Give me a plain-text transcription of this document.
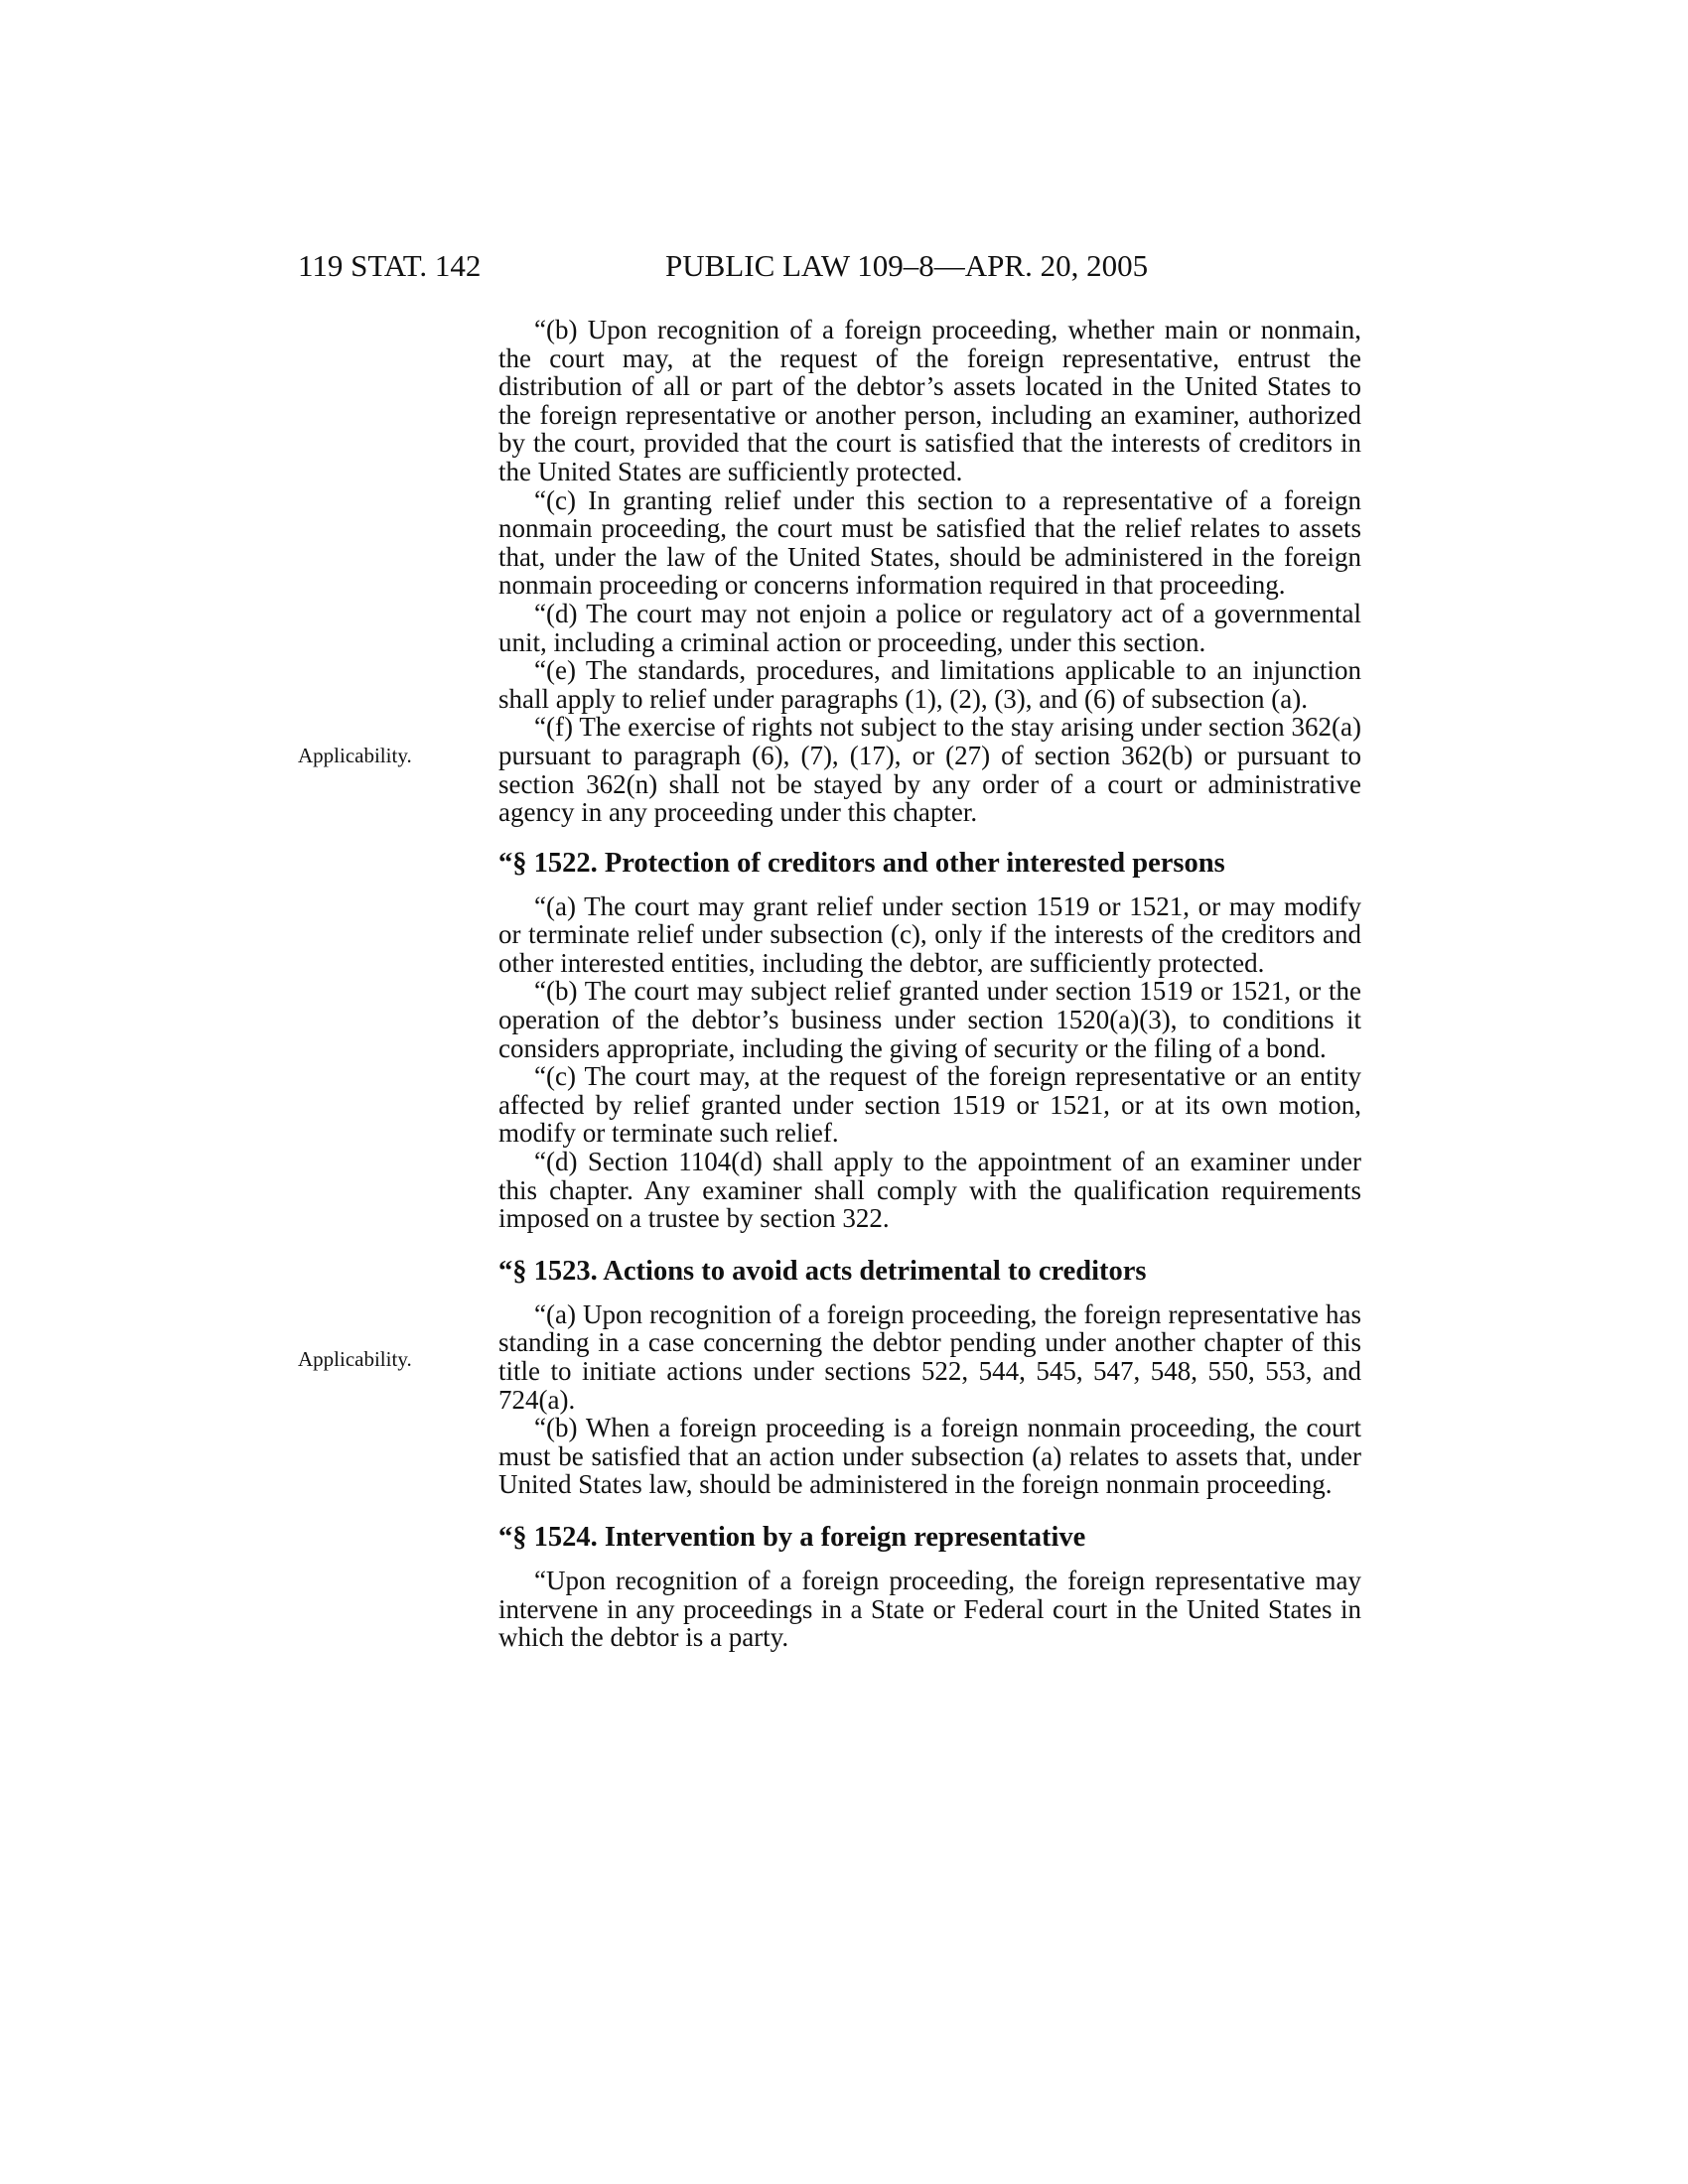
119 STAT. 142	PUBLIC LAW 109–8—APR. 20, 2005
Applicability.
Applicability.

“(b) Upon recognition of a foreign proceeding, whether main or nonmain, the court may, at the request of the foreign representative, entrust the distribution of all or part of the debtor’s assets located in the United States to the foreign representative or another person, including an examiner, authorized by the court, provided that the court is satisfied that the interests of creditors in the United States are sufficiently protected.

“(c) In granting relief under this section to a representative of a foreign nonmain proceeding, the court must be satisfied that the relief relates to assets that, under the law of the United States, should be administered in the foreign nonmain proceeding or concerns information required in that proceeding.

“(d) The court may not enjoin a police or regulatory act of a governmental unit, including a criminal action or proceeding, under this section.

“(e) The standards, procedures, and limitations applicable to an injunction shall apply to relief under paragraphs (1), (2), (3), and (6) of subsection (a).

“(f) The exercise of rights not subject to the stay arising under section 362(a) pursuant to paragraph (6), (7), (17), or (27) of section 362(b) or pursuant to section 362(n) shall not be stayed by any order of a court or administrative agency in any proceeding under this chapter.

“§ 1522. Protection of creditors and other interested persons

“(a) The court may grant relief under section 1519 or 1521, or may modify or terminate relief under subsection (c), only if the interests of the creditors and other interested entities, including the debtor, are sufficiently protected.

“(b) The court may subject relief granted under section 1519 or 1521, or the operation of the debtor’s business under section 1520(a)(3), to conditions it considers appropriate, including the giving of security or the filing of a bond.

“(c) The court may, at the request of the foreign representative or an entity affected by relief granted under section 1519 or 1521, or at its own motion, modify or terminate such relief.

“(d) Section 1104(d) shall apply to the appointment of an examiner under this chapter. Any examiner shall comply with the qualification requirements imposed on a trustee by section 322.

“§ 1523. Actions to avoid acts detrimental to creditors

“(a) Upon recognition of a foreign proceeding, the foreign representative has standing in a case concerning the debtor pending under another chapter of this title to initiate actions under sections 522, 544, 545, 547, 548, 550, 553, and 724(a).

“(b) When a foreign proceeding is a foreign nonmain proceeding, the court must be satisfied that an action under subsection (a) relates to assets that, under United States law, should be administered in the foreign nonmain proceeding.

“§ 1524. Intervention by a foreign representative

“Upon recognition of a foreign proceeding, the foreign representative may intervene in any proceedings in a State or Federal court in the United States in which the debtor is a party.
